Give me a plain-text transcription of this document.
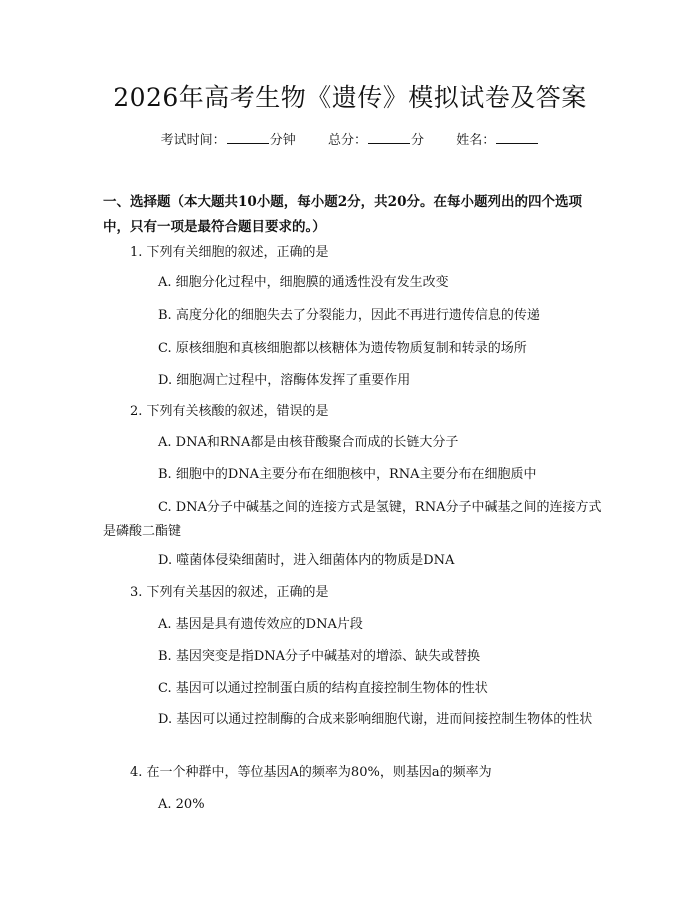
2026年高考生物《遗传》模拟试卷及答案
考试时间：	分钟 总分：	分 姓名：
一、选择题（本大题共10小题，每小题2分，共20分。在每小题列出的四个选项中，只有一项是最符合题目要求的。）
1. 下列有关细胞的叙述，正确的是
A. 细胞分化过程中，细胞膜的通透性没有发生改变
B. 高度分化的细胞失去了分裂能力，因此不再进行遗传信息的传递
C. 原核细胞和真核细胞都以核糖体为遗传物质复制和转录的场所
D. 细胞凋亡过程中，溶酶体发挥了重要作用
2. 下列有关核酸的叙述，错误的是
A. DNA和RNA都是由核苷酸聚合而成的长链大分子
B. 细胞中的DNA主要分布在细胞核中，RNA主要分布在细胞质中
C. DNA分子中碱基之间的连接方式是氢键，RNA分子中碱基之间的连接方式是磷酸二酯键
D. 噬菌体侵染细菌时，进入细菌体内的物质是DNA
3. 下列有关基因的叙述，正确的是
A. 基因是具有遗传效应的DNA片段
B. 基因突变是指DNA分子中碱基对的增添、缺失或替换
C. 基因可以通过控制蛋白质的结构直接控制生物体的性状
D. 基因可以通过控制酶的合成来影响细胞代谢，进而间接控制生物体的性状
4. 在一个种群中，等位基因A的频率为80%，则基因a的频率为
A. 20%
